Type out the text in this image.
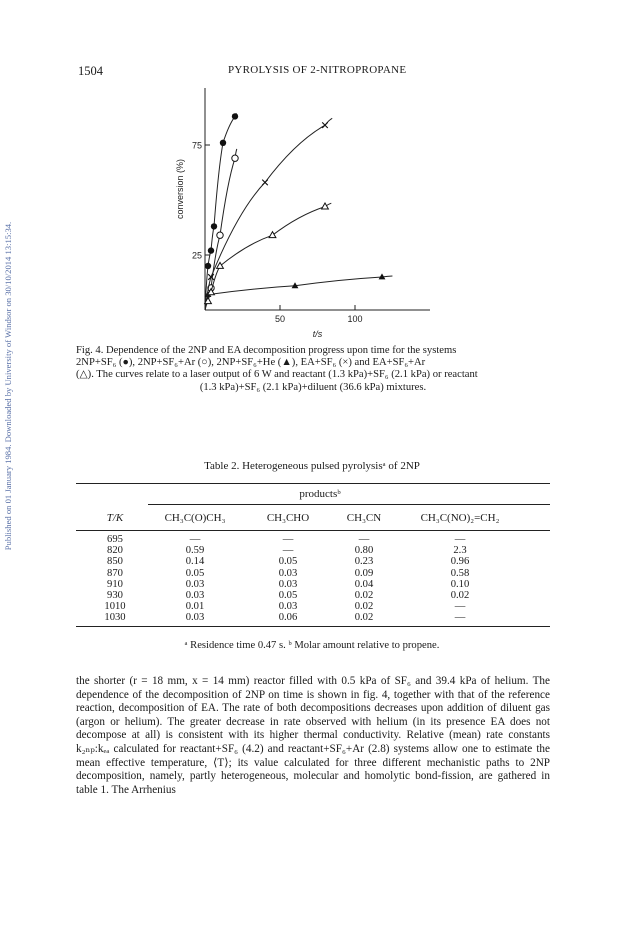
1504	PYROLYSIS OF 2-NITROPROPANE
Published on 01 January 1984. Downloaded by University of Windsor on 30/10/2014 13:15:34.	25
75
50	100
conversion (%)
t/s
Fig. 4. Dependence of the 2NP and EA decomposition progress upon time for the systems
2NP+SF₆ (●), 2NP+SF₆+Ar (○), 2NP+SF₆+He (▲), EA+SF₆ (×) and EA+SF₆+Ar
(△). The curves relate to a laser output of 6 W and reactant (1.3 kPa)+SF₆ (2.1 kPa) or reactant

(1.3 kPa)+SF₆ (2.1 kPa)+diluent (36.6 kPa) mixtures.
Table 2. Heterogeneous pulsed pyrolysisᵃ of 2NP
productsᵇ
T/K	CH₃C(O)CH₃	CH₃CHO	CH₃CN	CH₃C(NO)₂=CH₂
695	—	—	—	—
820	0.59	—	0.80	2.3
850	0.14	0.05	0.23	0.96
870	0.05	0.03	0.09	0.58
910	0.03	0.03	0.04	0.10
930	0.03	0.05	0.02	0.02
1010	0.01	0.03	0.02	—
1030	0.03	0.06	0.02	—
ᵃ Residence time 0.47 s. ᵇ Molar amount relative to propene.
the shorter (r = 18 mm, x = 14 mm) reactor filled with 0.5 kPa of SF₆ and 39.4 kPa of helium. The dependence of the decomposition of 2NP on time is shown in fig. 4, together with that of the reference reaction, decomposition of EA. The rate of both decompositions decreases upon addition of diluent gas (argon or helium). The greater decrease in rate observed with helium (in its presence EA does not decompose at all) is consistent with its higher thermal conductivity. Relative (mean) rate constants k₂ₙₚ:kₑₐ calculated for reactant+SF₆ (4.2) and reactant+SF₆+Ar (2.8) systems allow one to estimate the mean effective temperature, ⟨T⟩; its value calculated for three different mechanistic paths to 2NP decomposition, namely, partly heterogeneous, molecular and homolytic bond-fission, are gathered in table 1. The Arrhenius
